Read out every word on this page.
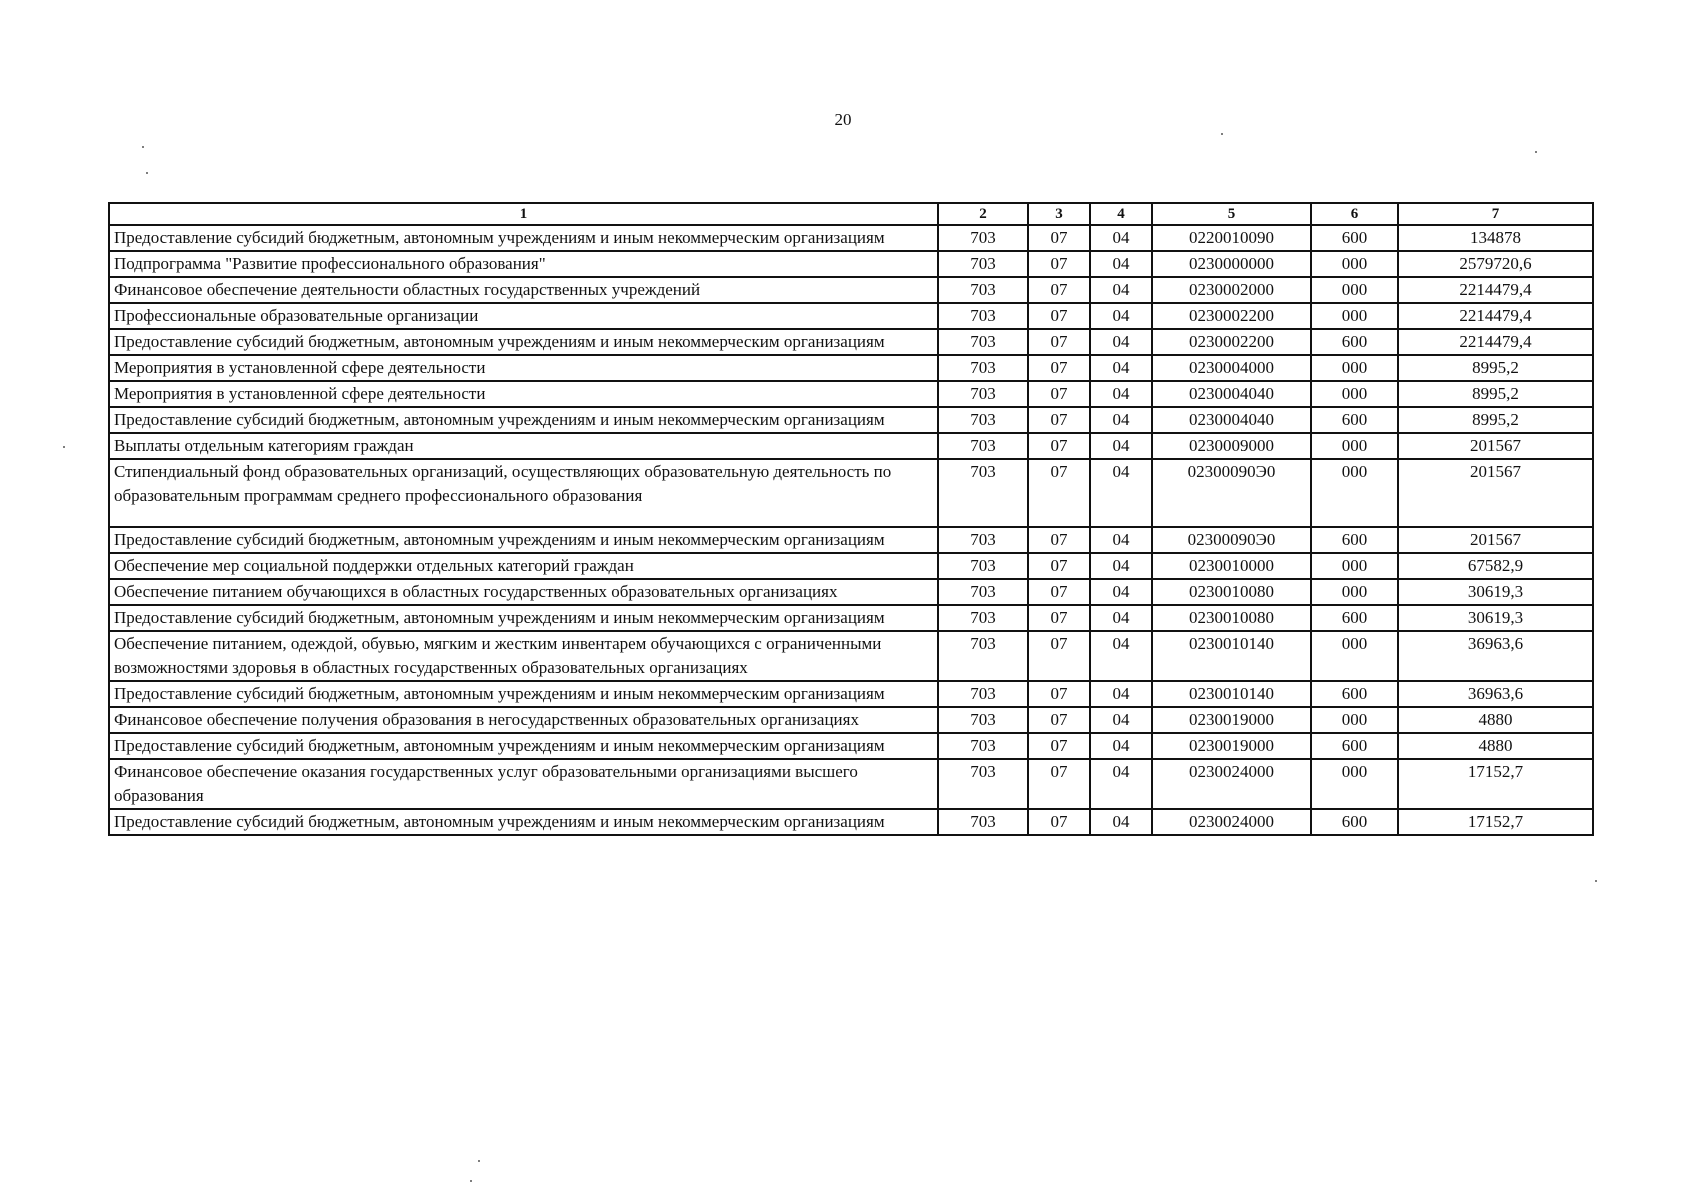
20
1	2	3	4	5	6	7
Предоставление субсидий бюджетным, автономным учреждениям и иным некоммерческим организациям	703	07	04	0220010090	600	134878
Подпрограмма "Развитие профессионального образования"	703	07	04	0230000000	000	2579720,6
Финансовое обеспечение деятельности областных государственных учреждений	703	07	04	0230002000	000	2214479,4
Профессиональные образовательные организации	703	07	04	0230002200	000	2214479,4
Предоставление субсидий бюджетным, автономным учреждениям и иным некоммерческим организациям	703	07	04	0230002200	600	2214479,4
Мероприятия в установленной сфере деятельности	703	07	04	0230004000	000	8995,2
Мероприятия в установленной сфере деятельности	703	07	04	0230004040	000	8995,2
Предоставление субсидий бюджетным, автономным учреждениям и иным некоммерческим организациям	703	07	04	0230004040	600	8995,2
Выплаты отдельным категориям граждан	703	07	04	0230009000	000	201567
Стипендиальный фонд образовательных организаций, осуществляющих образовательную деятельность по образовательным программам среднего профессионального образования	703	07	04	02300090Э0	000	201567
Предоставление субсидий бюджетным, автономным учреждениям и иным некоммерческим организациям	703	07	04	02300090Э0	600	201567
Обеспечение мер социальной поддержки отдельных категорий граждан	703	07	04	0230010000	000	67582,9
Обеспечение питанием обучающихся в областных государственных образовательных организациях	703	07	04	0230010080	000	30619,3
Предоставление субсидий бюджетным, автономным учреждениям и иным некоммерческим организациям	703	07	04	0230010080	600	30619,3
Обеспечение питанием, одеждой, обувью, мягким и жестким инвентарем обучающихся с ограниченными возможностями здоровья в областных государственных образовательных организациях	703	07	04	0230010140	000	36963,6
Предоставление субсидий бюджетным, автономным учреждениям и иным некоммерческим организациям	703	07	04	0230010140	600	36963,6
Финансовое обеспечение получения образования в негосударственных образовательных организациях	703	07	04	0230019000	000	4880
Предоставление субсидий бюджетным, автономным учреждениям и иным некоммерческим организациям	703	07	04	0230019000	600	4880
Финансовое обеспечение оказания государственных услуг образовательными организациями высшего образования	703	07	04	0230024000	000	17152,7
Предоставление субсидий бюджетным, автономным учреждениям и иным некоммерческим организациям	703	07	04	0230024000	600	17152,7
